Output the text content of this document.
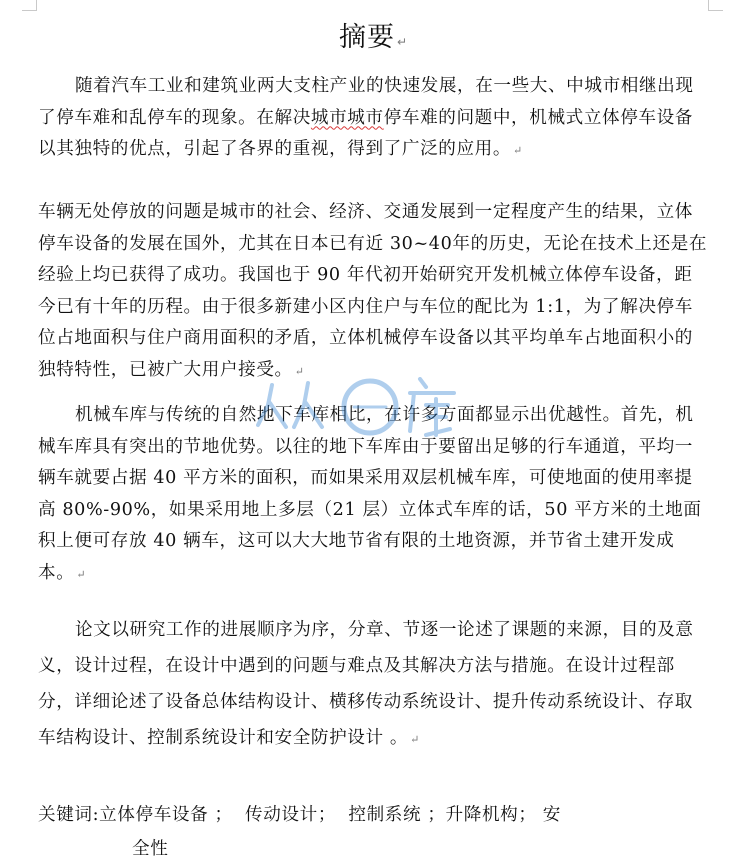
摘要 ↵
随着汽车工业和建筑业两大支柱产业的快速发展，在一些大、中城市相继出现了停车难和乱停车的现象。在解决城市城市停车难的问题中，机械式立体停车设备以其独特的优点，引起了各界的重视，得到了广泛的应用。 ↵
车辆无处停放的问题是城市的社会、经济、交通发展到一定程度产生的结果，立体停车设备的发展在国外，尤其在日本已有近 30~40年的历史，无论在技术上还是在经验上均已获得了成功。我国也于 90 年代初开始研究开发机械立体停车设备，距今已有十年的历程。由于很多新建小区内住户与车位的配比为 1:1，为了解决停车位占地面积与住户商用面积的矛盾，立体机械停车设备以其平均单车占地面积小的独特特性，已被广大用户接受。 ↵
机械车库与传统的自然地下车库相比，在许多方面都显示出优越性。首先，机械车库具有突出的节地优势。以往的地下车库由于要留出足够的行车通道，平均一辆车就要占据 40 平方米的面积，而如果采用双层机械车库，可使地面的使用率提高 80%-90%，如果采用地上多层（21 层）立体式车库的话，50 平方米的土地面积上便可存放 40 辆车，这可以大大地节省有限的土地资源，并节省土建开发成本。 ↵
论文以研究工作的进展顺序为序，分章、节逐一论述了课题的来源，目的及意义，设计过程，在设计中遇到的问题与难点及其解决方法与措施。在设计过程部分，详细论述了设备总体结构设计、横移传动系统设计、提升传动系统设计、存取车结构设计、控制系统设计和安全防护设计 。 ↵
关键词:立体停车设备 ；  传动设计；  控制系统 ；升降机构； 安
全性
